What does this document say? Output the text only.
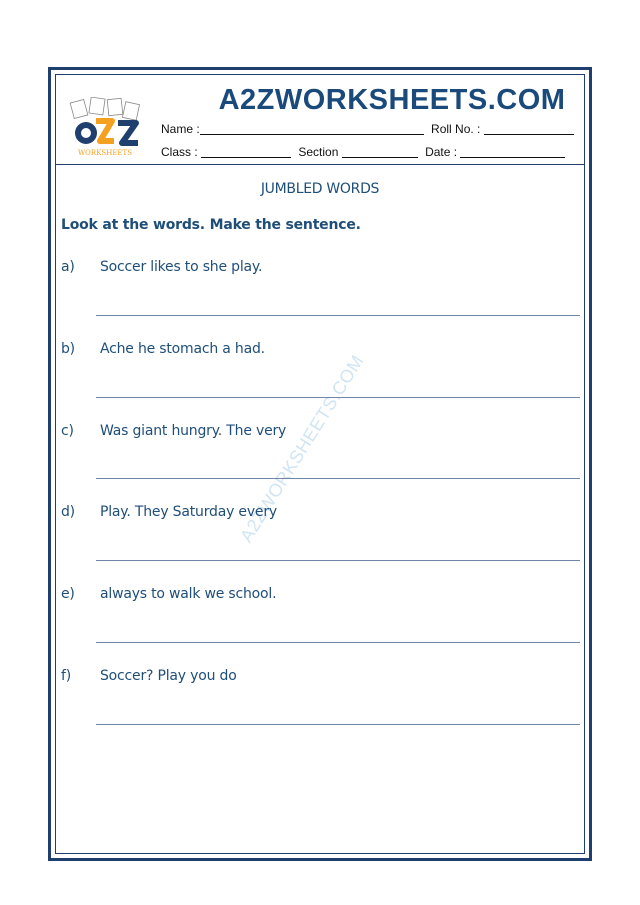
WORKSHEETS
A2ZWORKSHEETS.COM
Name :	Roll No. :
Class :	Section	Date :
JUMBLED WORDS
Look at the words. Make the sentence.
A2ZWORKSHEETS.COM
a) Soccer likes to she play.
b) Ache he stomach a had.
c) Was giant hungry. The very
d) Play. They Saturday every
e) always to walk we school.
f) Soccer? Play you do
